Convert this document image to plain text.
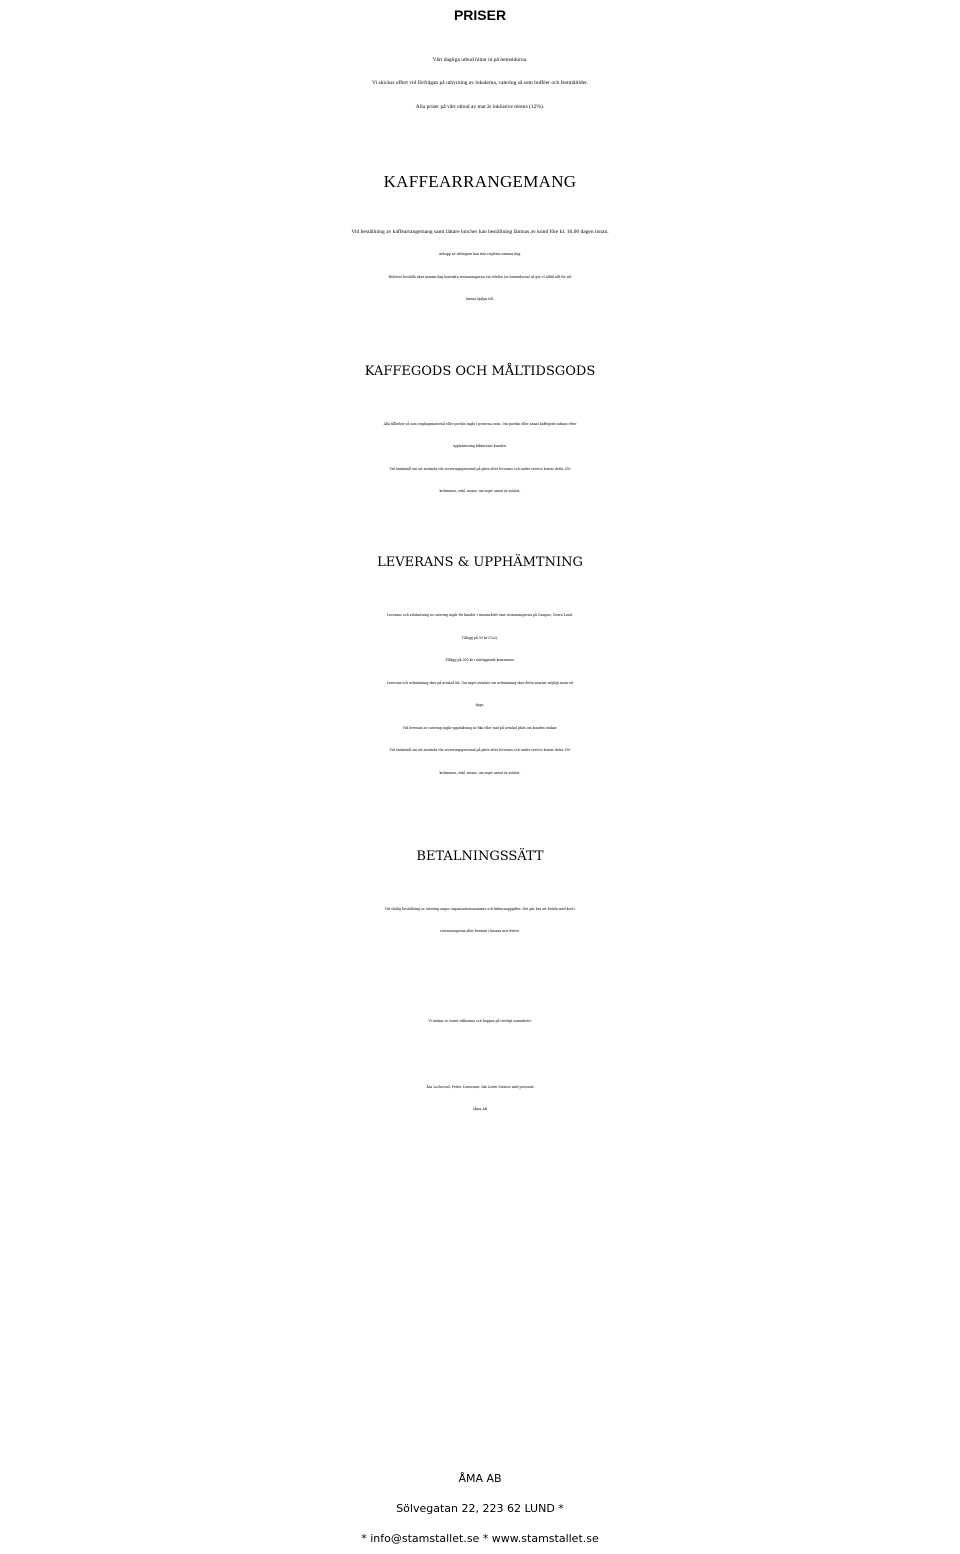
PRISER
Vårt dagliga utbud hittar ni på hemsidorna.
Vi skickar offert vid förfrågan på uthyrning av lokalerna, catering så som bufféer och festmåltider.
Alla priser på vårt utbud av mat är inklusive moms (12%).
KAFFEARRANGEMANG
Vid beställning av kaffearrangemang samt lättare luncher kan beställning lämnas av kund före kl. 16.00 dagen innan.
Avhopp av deltagare kan inte regleras samma dag.
Behöver beställa akut samma dag kontakta restaurangerna via telefon (se hemsidorna) så gör vi alltid allt för att
kunna hjälpa till.
KAFFEGODS OCH MÅLTIDSGODS
Alla tillbehör så som engångsmaterial eller porslin ingår i priserna ovan. Om porslin eller annat kaffegods saknas efter
upphämtning faktureras kunden.
Vid önskemål om att använda vår serveringspersonal på plats efter leverans och under service kostar detta 250
kr/timmen, exkl. moms, om inget annat är avtalat.
LEVERANS & UPPHÄMTNING
Leverans och avhämtning av catering ingår för kunder i närområdet runt restaurangerna på Campus, Norra Lund.
Tillägg på 50 kr (Co2).
Tillägg på 300 kr i närliggande kommuner.
Leverans och avhämtning sker på avtalad tid. Om inget avtalats om avhämtning sker detta snarast möjligt inom ett
dygn.
Vid leverans av catering ingår uppdukning av fika eller mat på avtalad plats om kunden önskar.
Vid önskemål om att använda vår serveringspersonal på plats efter leverans och under service kostar detta 250
kr/timmen, exkl. moms, om inget annat är avtalat.
BETALNINGSSÄTT
Vid slutlig beställning av catering anges organisationsnummer och fakturauppgifter. Det går bra att betala med kort i
restaurangerna eller kontant i kassan mot kvitto.
Vi önskar er varmt välkomna och hoppas på trevligt samarbete!
Åsa Lockwood, Petter Lorensson, Ida Lovén Strauss med personal
/Åma AB
ÅMA AB
Sölvegatan 22, 223 62 LUND *
* info@stamstallet.se * www.stamstallet.se
